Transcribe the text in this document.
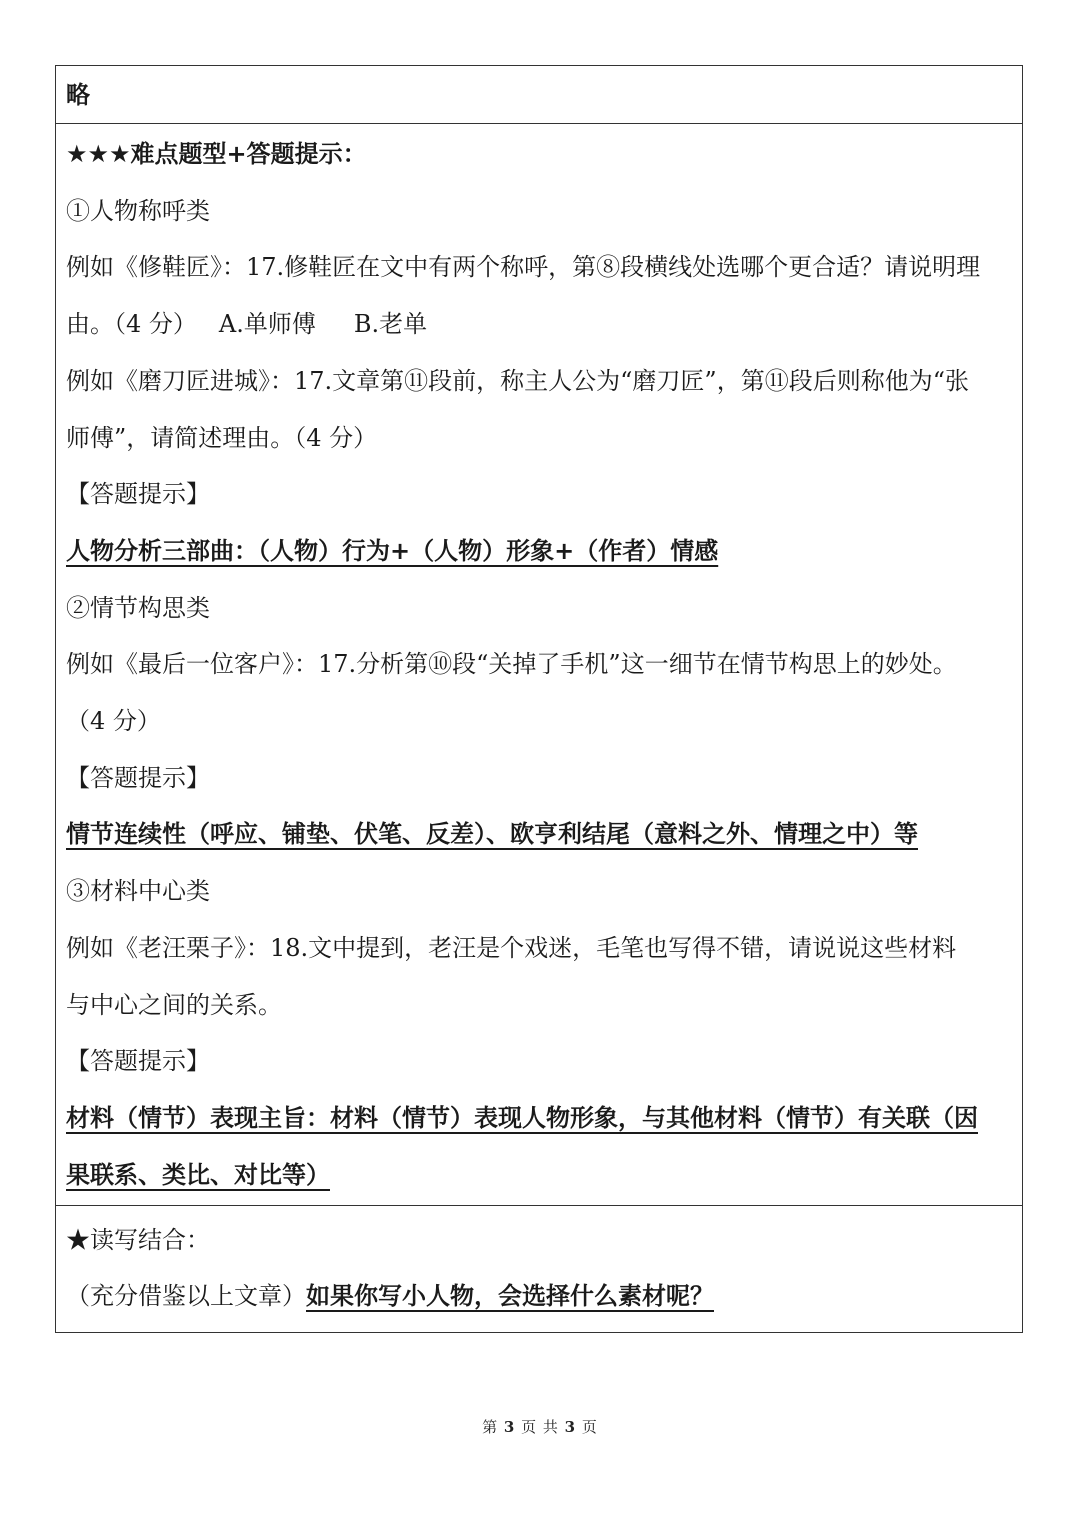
略
★★★难点题型+答题提示：
①人物称呼类
例如《修鞋匠》：17.修鞋匠在文中有两个称呼，第⑧段横线处选哪个更合适？请说明理
由。（4 分） A.单师傅 B.老单
例如《磨刀匠进城》：17.文章第⑪段前，称主人公为“磨刀匠”，第⑪段后则称他为“张
师傅”，请简述理由。（4 分）
【答题提示】
人物分析三部曲：（人物）行为+（人物）形象+（作者）情感
②情节构思类
例如《最后一位客户》：17.分析第⑩段“关掉了手机”这一细节在情节构思上的妙处。
（4 分）
【答题提示】
情节连续性（呼应、铺垫、伏笔、反差）、欧亨利结尾（意料之外、情理之中）等
③材料中心类
例如《老汪栗子》：18.文中提到，老汪是个戏迷，毛笔也写得不错，请说说这些材料
与中心之间的关系。
【答题提示】
材料（情节）表现主旨：材料（情节）表现人物形象，与其他材料（情节）有关联（因
果联系、类比、对比等）
★读写结合：
（充分借鉴以上文章）如果你写小人物，会选择什么素材呢？
第 3 页 共 3 页
